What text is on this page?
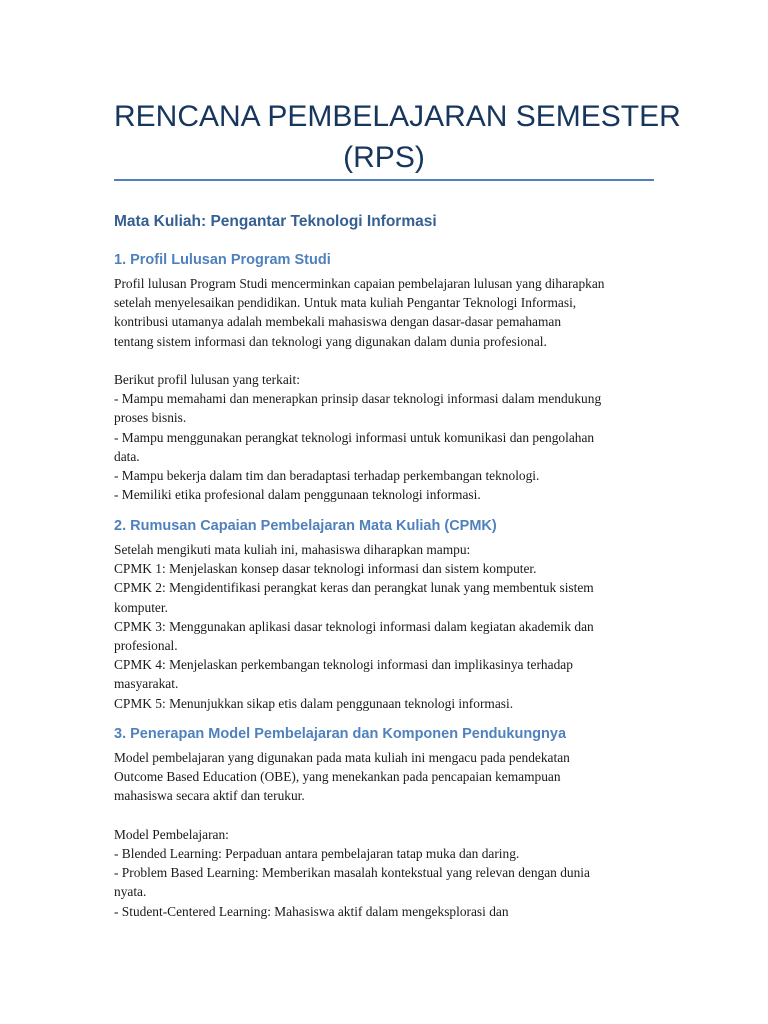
RENCANA PEMBELAJARAN SEMESTER
(RPS)
Mata Kuliah: Pengantar Teknologi Informasi
1. Profil Lulusan Program Studi
Profil lulusan Program Studi mencerminkan capaian pembelajaran lulusan yang diharapkan
setelah menyelesaikan pendidikan. Untuk mata kuliah Pengantar Teknologi Informasi,
kontribusi utamanya adalah membekali mahasiswa dengan dasar-dasar pemahaman
tentang sistem informasi dan teknologi yang digunakan dalam dunia profesional.
Berikut profil lulusan yang terkait:
- Mampu memahami dan menerapkan prinsip dasar teknologi informasi dalam mendukung
proses bisnis.
- Mampu menggunakan perangkat teknologi informasi untuk komunikasi dan pengolahan
data.
- Mampu bekerja dalam tim dan beradaptasi terhadap perkembangan teknologi.
- Memiliki etika profesional dalam penggunaan teknologi informasi.
2. Rumusan Capaian Pembelajaran Mata Kuliah (CPMK)
Setelah mengikuti mata kuliah ini, mahasiswa diharapkan mampu:
CPMK 1: Menjelaskan konsep dasar teknologi informasi dan sistem komputer.
CPMK 2: Mengidentifikasi perangkat keras dan perangkat lunak yang membentuk sistem
komputer.
CPMK 3: Menggunakan aplikasi dasar teknologi informasi dalam kegiatan akademik dan
profesional.
CPMK 4: Menjelaskan perkembangan teknologi informasi dan implikasinya terhadap
masyarakat.
CPMK 5: Menunjukkan sikap etis dalam penggunaan teknologi informasi.
3. Penerapan Model Pembelajaran dan Komponen Pendukungnya
Model pembelajaran yang digunakan pada mata kuliah ini mengacu pada pendekatan
Outcome Based Education (OBE), yang menekankan pada pencapaian kemampuan
mahasiswa secara aktif dan terukur.
Model Pembelajaran:
- Blended Learning: Perpaduan antara pembelajaran tatap muka dan daring.
- Problem Based Learning: Memberikan masalah kontekstual yang relevan dengan dunia
nyata.
- Student-Centered Learning: Mahasiswa aktif dalam mengeksplorasi dan
